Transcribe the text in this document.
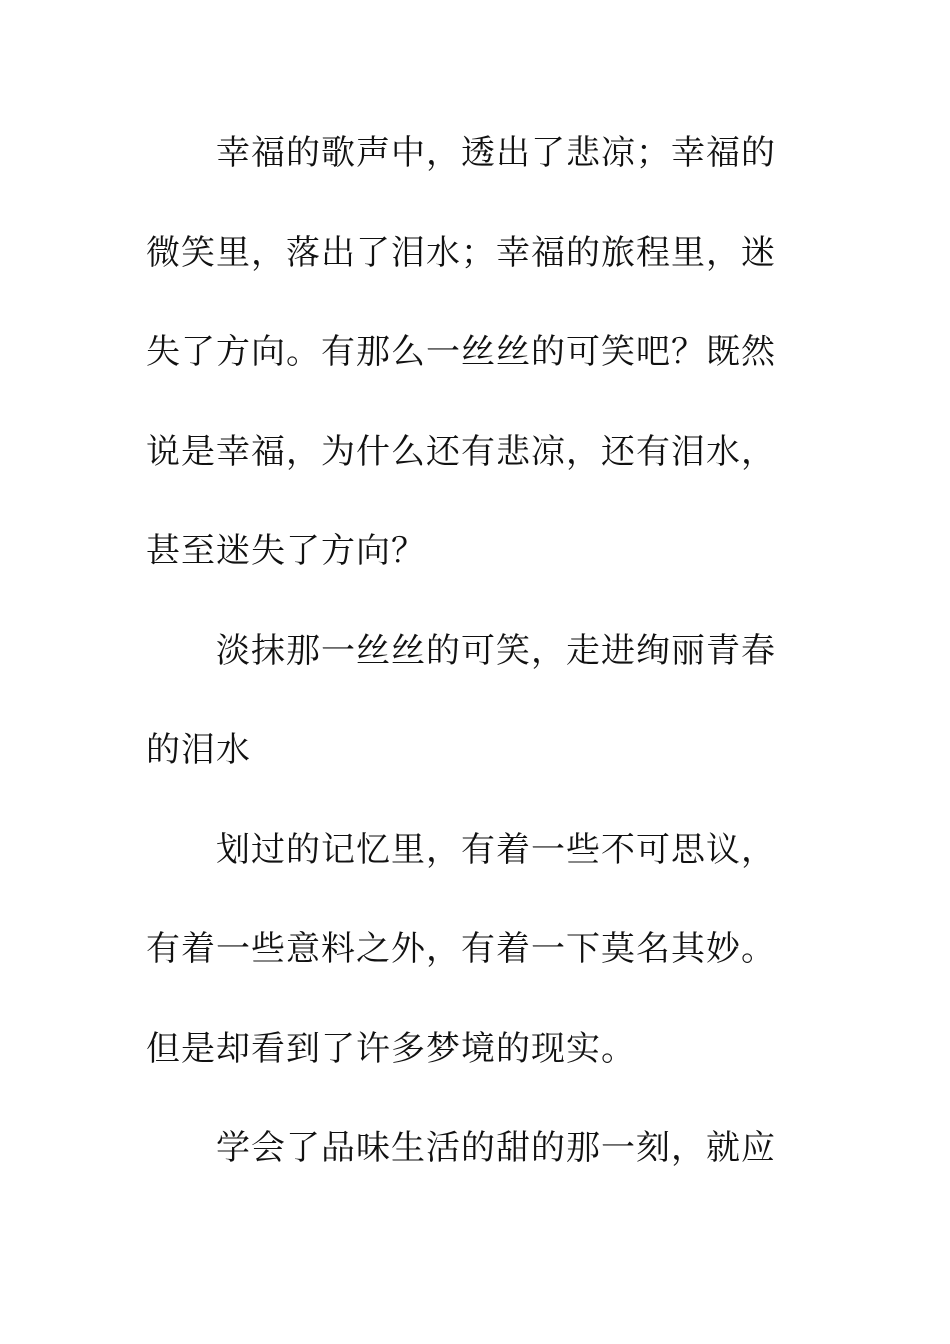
幸福的歌声中，透出了悲凉；幸福的
微笑里，落出了泪水；幸福的旅程里，迷
失了方向。有那么一丝丝的可笑吧？既然
说是幸福，为什么还有悲凉，还有泪水，
甚至迷失了方向？
淡抹那一丝丝的可笑，走进绚丽青春
的泪水
划过的记忆里，有着一些不可思议，
有着一些意料之外，有着一下莫名其妙。
但是却看到了许多梦境的现实。
学会了品味生活的甜的那一刻，就应
